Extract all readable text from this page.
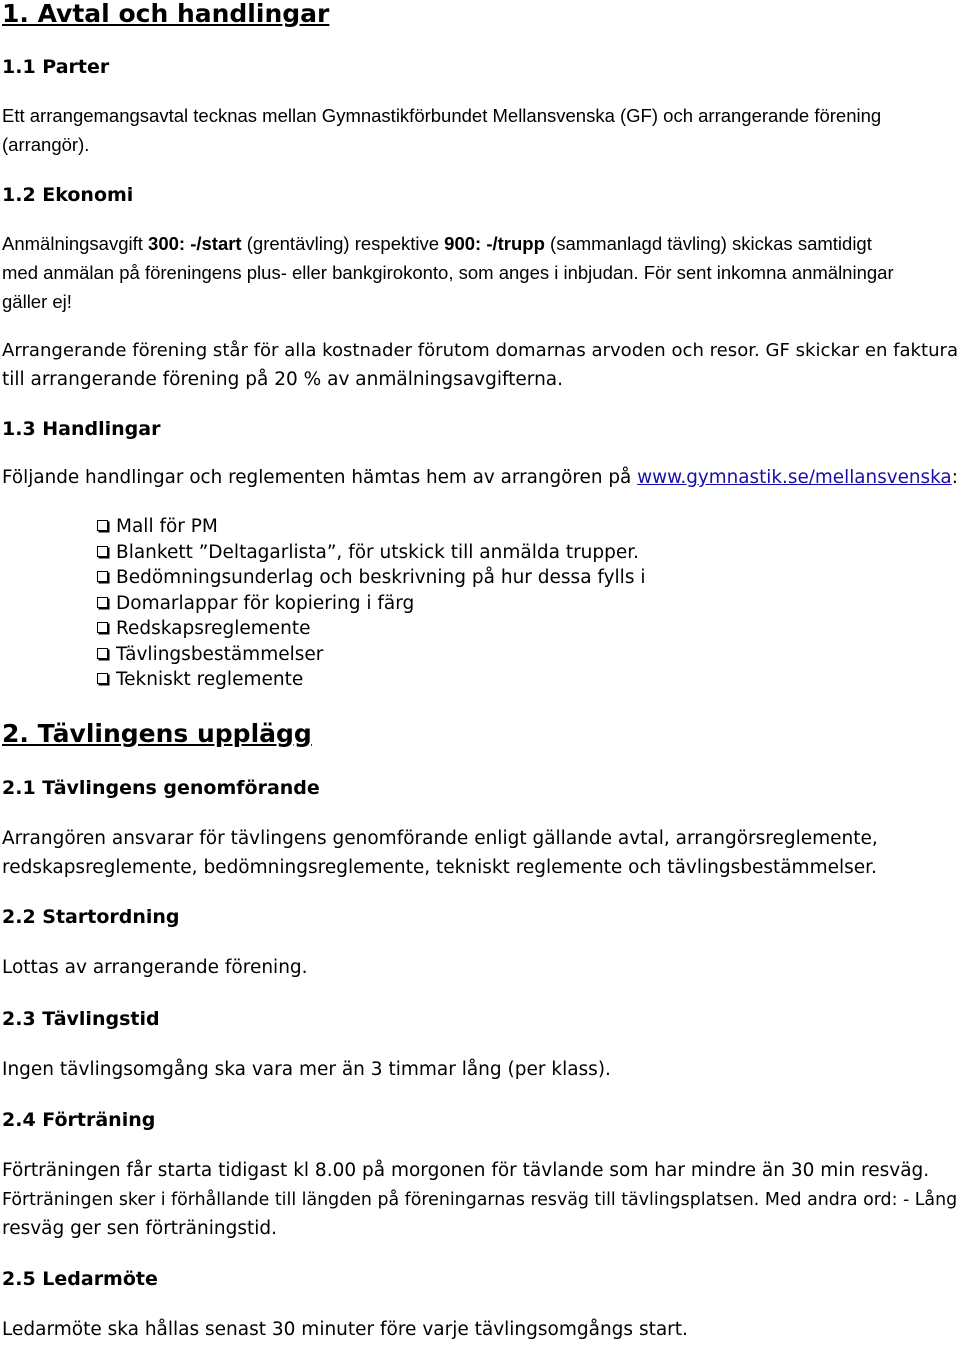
1. Avtal och handlingar
1.1 Parter
Ett arrangemangsavtal tecknas mellan Gymnastikförbundet Mellansvenska (GF) och arrangerande förening
(arrangör).
1.2 Ekonomi
Anmälningsavgift 300: -/start (grentävling) respektive 900: -/trupp (sammanlagd tävling) skickas samtidigt
med anmälan på föreningens plus- eller bankgirokonto, som anges i inbjudan. För sent inkomna anmälningar
gäller ej!
Arrangerande förening står för alla kostnader förutom domarnas arvoden och resor. GF skickar en faktura
till arrangerande förening på 20 % av anmälningsavgifterna.
1.3 Handlingar
Följande handlingar och reglementen hämtas hem av arrangören på www.gymnastik.se/mellansvenska:
Mall för PM
Blankett ”Deltagarlista”, för utskick till anmälda trupper.
Bedömningsunderlag och beskrivning på hur dessa fylls i
Domarlappar för kopiering i färg
Redskapsreglemente
Tävlingsbestämmelser
Tekniskt reglemente
2. Tävlingens upplägg
2.1 Tävlingens genomförande
Arrangören ansvarar för tävlingens genomförande enligt gällande avtal, arrangörsreglemente,
redskapsreglemente, bedömningsreglemente, tekniskt reglemente och tävlingsbestämmelser.
2.2 Startordning
Lottas av arrangerande förening.
2.3 Tävlingstid
Ingen tävlingsomgång ska vara mer än 3 timmar lång (per klass).
2.4 Förträning
Förträningen får starta tidigast kl 8.00 på morgonen för tävlande som har mindre än 30 min resväg.
Förträningen sker i förhållande till längden på föreningarnas resväg till tävlingsplatsen. Med andra ord: - Lång
resväg ger sen förträningstid.
2.5 Ledarmöte
Ledarmöte ska hållas senast 30 minuter före varje tävlingsomgångs start.
